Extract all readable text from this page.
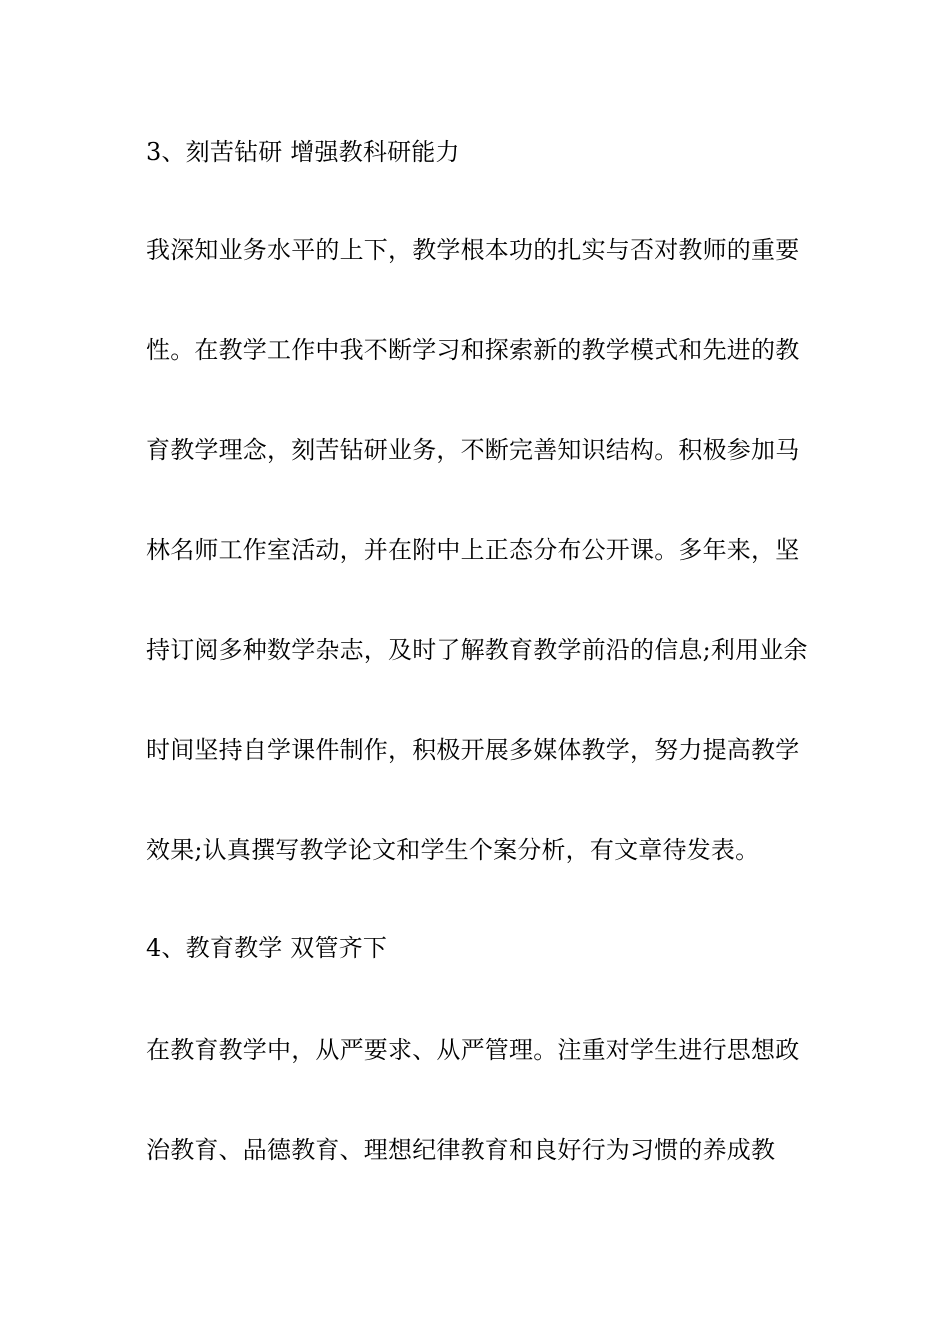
3、刻苦钻研 增强教科研能力
我深知业务水平的上下，教学根本功的扎实与否对教师的重要
性。在教学工作中我不断学习和探索新的教学模式和先进的教
育教学理念，刻苦钻研业务，不断完善知识结构。积极参加马
林名师工作室活动，并在附中上正态分布公开课。多年来，坚
持订阅多种数学杂志，及时了解教育教学前沿的信息;利用业余
时间坚持自学课件制作，积极开展多媒体教学，努力提高教学
效果;认真撰写教学论文和学生个案分析，有文章待发表。
4、教育教学 双管齐下
在教育教学中，从严要求、从严管理。注重对学生进行思想政
治教育、品德教育、理想纪律教育和良好行为习惯的养成教
